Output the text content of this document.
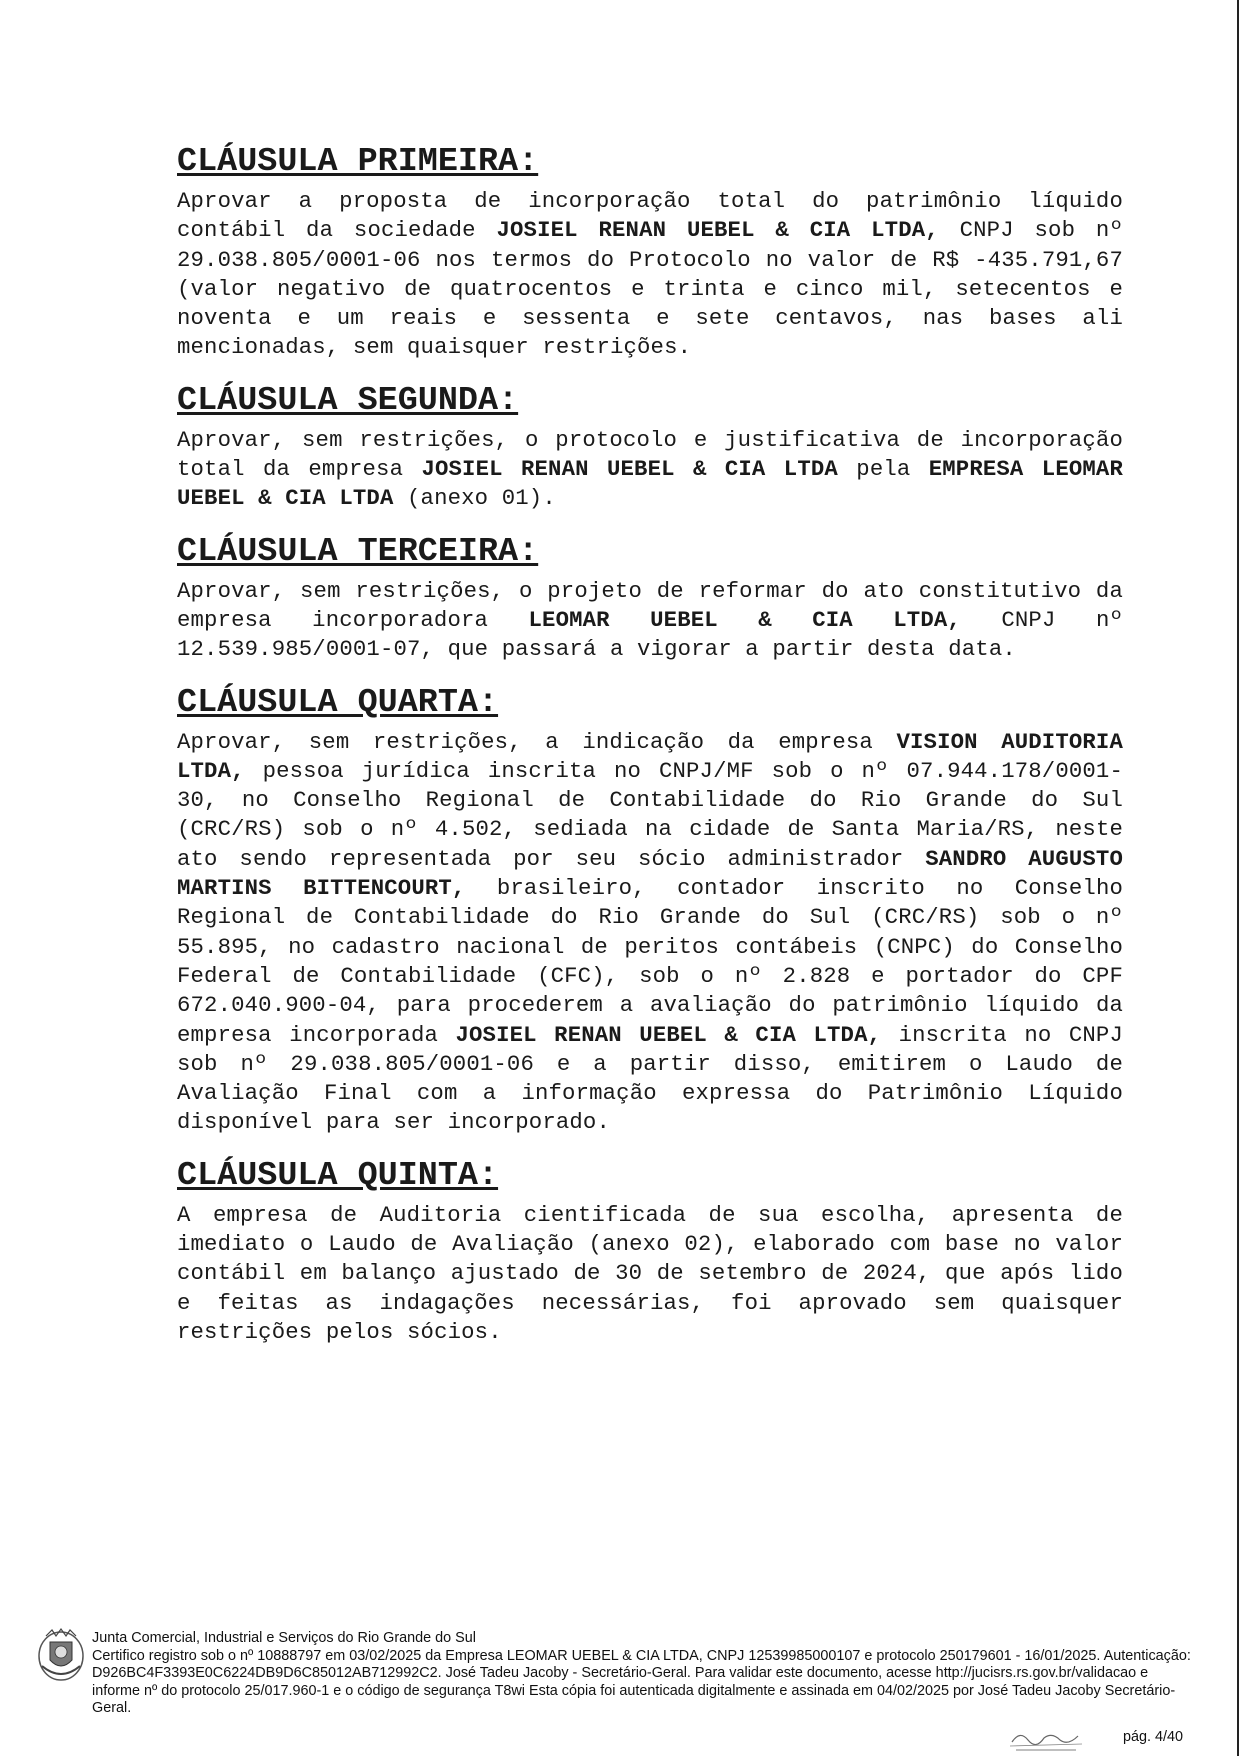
CLÁUSULA PRIMEIRA:

Aprovar a proposta de incorporação total do patrimônio líquido contábil da sociedade JOSIEL RENAN UEBEL & CIA LTDA, CNPJ sob nº 29.038.805/0001-06 nos termos do Protocolo no valor de R$ -435.791,67 (valor negativo de quatrocentos e trinta e cinco mil, setecentos e noventa e um reais e sessenta e sete centavos, nas bases ali mencionadas, sem quaisquer restrições.

CLÁUSULA SEGUNDA:

Aprovar, sem restrições, o protocolo e justificativa de incorporação total da empresa JOSIEL RENAN UEBEL & CIA LTDA pela EMPRESA LEOMAR UEBEL & CIA LTDA (anexo 01).

CLÁUSULA TERCEIRA:

Aprovar, sem restrições, o projeto de reformar do ato constitutivo da empresa incorporadora LEOMAR UEBEL & CIA LTDA, CNPJ nº 12.539.985/0001-07, que passará a vigorar a partir desta data.

CLÁUSULA QUARTA:

Aprovar, sem restrições, a indicação da empresa VISION AUDITORIA LTDA, pessoa jurídica inscrita no CNPJ/MF sob o nº 07.944.178/0001-30, no Conselho Regional de Contabilidade do Rio Grande do Sul (CRC/RS) sob o nº 4.502, sediada na cidade de Santa Maria/RS, neste ato sendo representada por seu sócio administrador SANDRO AUGUSTO MARTINS BITTENCOURT, brasileiro, contador inscrito no Conselho Regional de Contabilidade do Rio Grande do Sul (CRC/RS) sob o nº 55.895, no cadastro nacional de peritos contábeis (CNPC) do Conselho Federal de Contabilidade (CFC), sob o nº 2.828 e portador do CPF 672.040.900-04, para procederem a avaliação do patrimônio líquido da empresa incorporada JOSIEL RENAN UEBEL & CIA LTDA, inscrita no CNPJ sob nº 29.038.805/0001-06 e a partir disso, emitirem o Laudo de Avaliação Final com a informação expressa do Patrimônio Líquido disponível para ser incorporado.

CLÁUSULA QUINTA:

A empresa de Auditoria cientificada de sua escolha, apresenta de imediato o Laudo de Avaliação (anexo 02), elaborado com base no valor contábil em balanço ajustado de 30 de setembro de 2024, que após lido e feitas as indagações necessárias, foi aprovado sem quaisquer restrições pelos sócios.

Junta Comercial, Industrial e Serviços do Rio Grande do Sul

Certifico registro sob o nº 10888797 em 03/02/2025 da Empresa LEOMAR UEBEL & CIA LTDA, CNPJ 12539985000107 e protocolo 250179601 - 16/01/2025. Autenticação: D926BC4F3393E0C6224DB9D6C85012AB712992C2. José Tadeu Jacoby - Secretário-Geral. Para validar este documento, acesse http://jucisrs.rs.gov.br/validacao e informe nº do protocolo 25/017.960-1 e o código de segurança T8wi Esta cópia foi autenticada digitalmente e assinada em 04/02/2025 por José Tadeu Jacoby Secretário-Geral.

pág. 4/40
